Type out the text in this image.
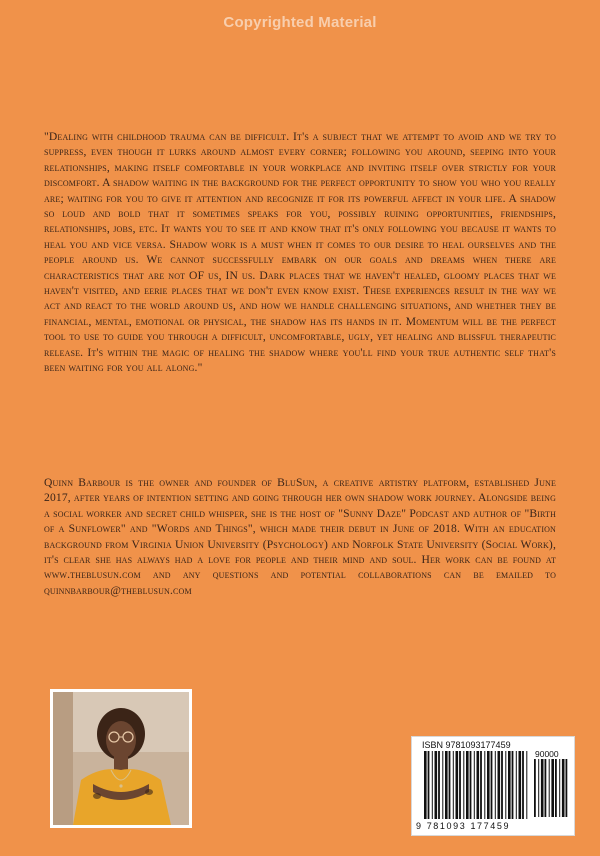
Copyrighted Material
"Dealing with childhood trauma can be difficult. It's a subject that we attempt to avoid and we try to suppress, even though it lurks around almost every corner; following you around, seeping into your relationships, making itself comfortable in your workplace and inviting itself over strictly for your discomfort. A shadow waiting in the background for the perfect opportunity to show you who you really are; waiting for you to give it attention and recognize it for its powerful affect in your life. A shadow so loud and bold that it sometimes speaks for you, possibly ruining opportunities, friendships, relationships, jobs, etc. It wants you to see it and know that it's only following you because it wants to heal you and vice versa. Shadow work is a must when it comes to our desire to heal ourselves and the people around us. We cannot successfully embark on our goals and dreams when there are characteristics that are not OF us, IN us. Dark places that we haven't healed, gloomy places that we haven't visited, and eerie places that we don't even know exist. These experiences result in the way we act and react to the world around us, and how we handle challenging situations, and whether they be financial, mental, emotional or physical, the shadow has its hands in it. Momentum will be the perfect tool to use to guide you through a difficult, uncomfortable, ugly, yet healing and blissful therapeutic release. It's within the magic of healing the shadow where you'll find your true authentic self that's been waiting for you all along."
Quinn Barbour is the owner and founder of BluSun, a creative artistry platform, established June 2017, after years of intention setting and going through her own shadow work journey. Alongside being a social worker and secret child whisper, she is the host of "Sunny Daze" Podcast and author of "Birth of a Sunflower" and "Words and Things", which made their debut in June of 2018. With an education background from Virginia Union University (Psychology) and Norfolk State University (Social Work), it's clear she has always had a love for people and their mind and soul. Her work can be found at www.theblusun.com and any questions and potential collaborations can be emailed to quinnbarbour@theblusun.com
ISBN 9781093177459
90000
9 781093 177459
